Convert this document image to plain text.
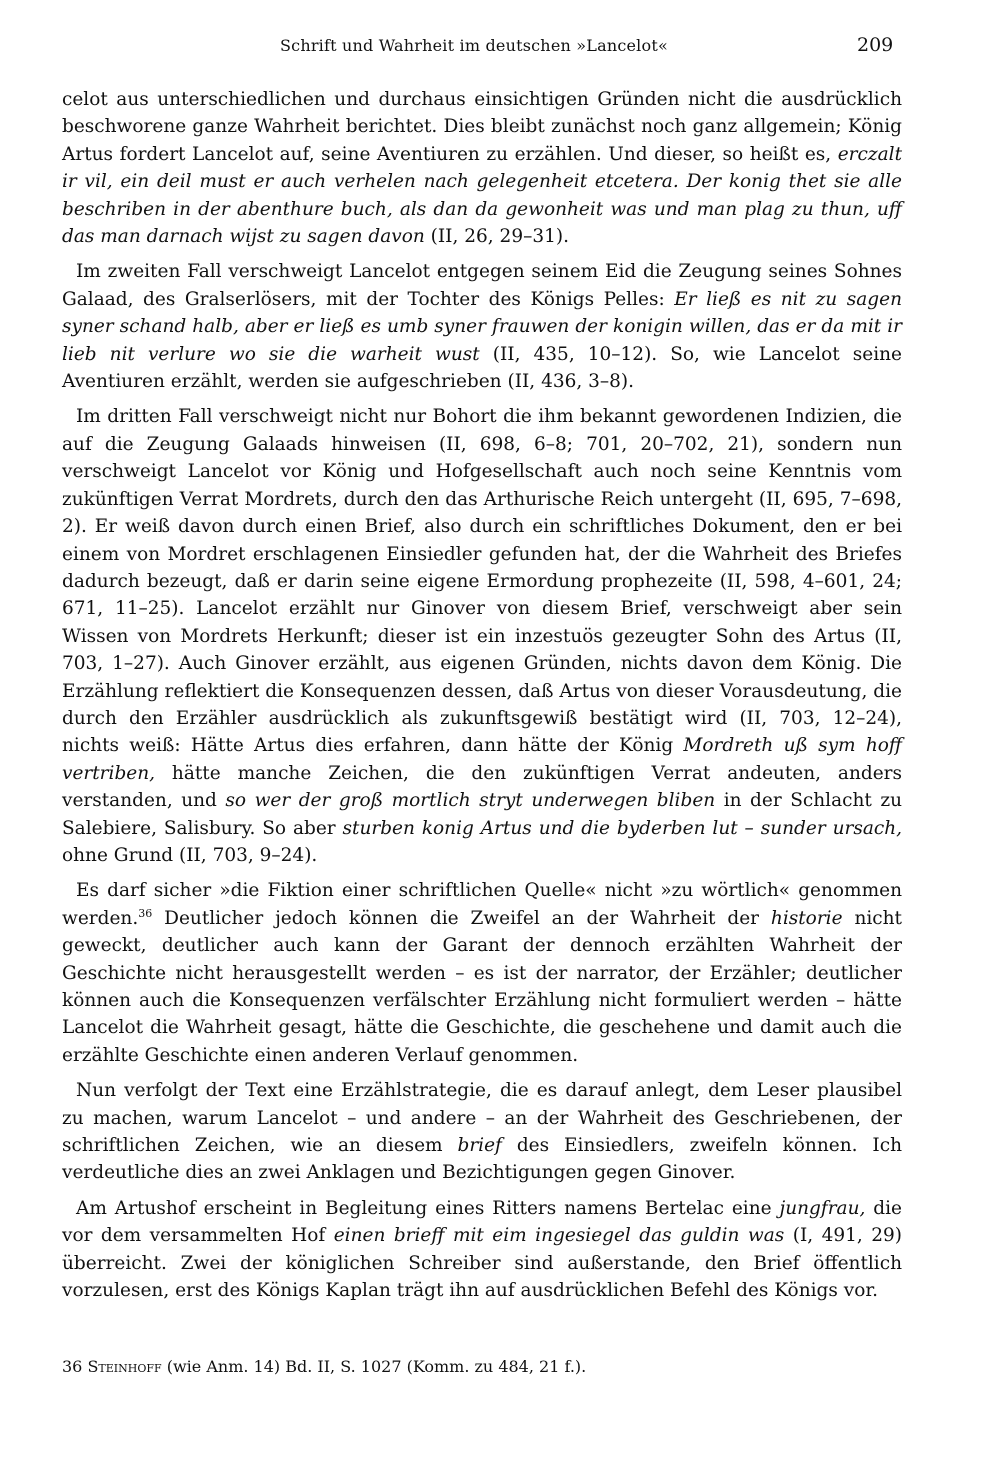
Schrift und Wahrheit im deutschen »Lancelot«	209

celot aus unterschiedlichen und durchaus einsichtigen Gründen nicht die ausdrücklich beschworene ganze Wahrheit berichtet. Dies bleibt zunächst noch ganz allgemein; König Artus fordert Lancelot auf, seine Aventiuren zu erzählen. Und dieser, so heißt es, erczalt ir vil, ein deil must er auch verhelen nach gelegenheit etcetera. Der konig thet sie alle beschriben in der abenthure buch, als dan da gewonheit was und man plag zu thun, uff das man darnach wijst zu sagen davon (II, 26, 29–31).

Im zweiten Fall verschweigt Lancelot entgegen seinem Eid die Zeugung seines Sohnes Galaad, des Gralserlösers, mit der Tochter des Königs Pelles: Er ließ es nit zu sagen syner schand halb, aber er ließ es umb syner frauwen der konigin willen, das er da mit ir lieb nit verlure wo sie die warheit wust (II, 435, 10–12). So, wie Lancelot seine Aventiuren erzählt, werden sie aufgeschrieben (II, 436, 3–8).

Im dritten Fall verschweigt nicht nur Bohort die ihm bekannt gewordenen Indizien, die auf die Zeugung Galaads hinweisen (II, 698, 6–8; 701, 20–702, 21), sondern nun verschweigt Lancelot vor König und Hofgesellschaft auch noch seine Kenntnis vom zukünftigen Verrat Mordrets, durch den das Arthurische Reich untergeht (II, 695, 7–698, 2). Er weiß davon durch einen Brief, also durch ein schriftliches Dokument, den er bei einem von Mordret erschlagenen Einsiedler gefunden hat, der die Wahrheit des Briefes dadurch bezeugt, daß er darin seine eigene Ermordung prophezeite (II, 598, 4–601, 24; 671, 11–25). Lancelot erzählt nur Ginover von diesem Brief, verschweigt aber sein Wissen von Mordrets Herkunft; dieser ist ein inzestuös gezeugter Sohn des Artus (II, 703, 1–27). Auch Ginover erzählt, aus eigenen Gründen, nichts davon dem König. Die Erzählung reflektiert die Konsequenzen dessen, daß Artus von dieser Vorausdeutung, die durch den Erzähler ausdrücklich als zukunftsgewiß bestätigt wird (II, 703, 12–24), nichts weiß: Hätte Artus dies erfahren, dann hätte der König Mordreth uß sym hoff vertriben, hätte manche Zeichen, die den zukünftigen Verrat andeuten, anders verstanden, und so wer der groß mortlich stryt underwegen bliben in der Schlacht zu Salebiere, Salisbury. So aber sturben konig Artus und die byderben lut – sunder ursach, ohne Grund (II, 703, 9–24).

Es darf sicher »die Fiktion einer schriftlichen Quelle« nicht »zu wörtlich« genommen werden.$^{36}$ Deutlicher jedoch können die Zweifel an der Wahrheit der historie nicht geweckt, deutlicher auch kann der Garant der dennoch erzählten Wahrheit der Geschichte nicht herausgestellt werden – es ist der narrator, der Erzähler; deutlicher können auch die Konsequenzen verfälschter Erzählung nicht formuliert werden – hätte Lancelot die Wahrheit gesagt, hätte die Geschichte, die geschehene und damit auch die erzählte Geschichte einen anderen Verlauf genommen.

Nun verfolgt der Text eine Erzählstrategie, die es darauf anlegt, dem Leser plausibel zu machen, warum Lancelot – und andere – an der Wahrheit des Geschriebenen, der schriftlichen Zeichen, wie an diesem brief des Einsiedlers, zweifeln können. Ich verdeutliche dies an zwei Anklagen und Bezichtigungen gegen Ginover.

Am Artushof erscheint in Begleitung eines Ritters namens Bertelac eine jungfrau, die vor dem versammelten Hof einen brieff mit eim ingesiegel das guldin was (I, 491, 29) überreicht. Zwei der königlichen Schreiber sind außerstande, den Brief öffentlich vorzulesen, erst des Königs Kaplan trägt ihn auf ausdrücklichen Befehl des Königs vor.

36 Steinhoff (wie Anm. 14) Bd. II, S. 1027 (Komm. zu 484, 21 f.).
